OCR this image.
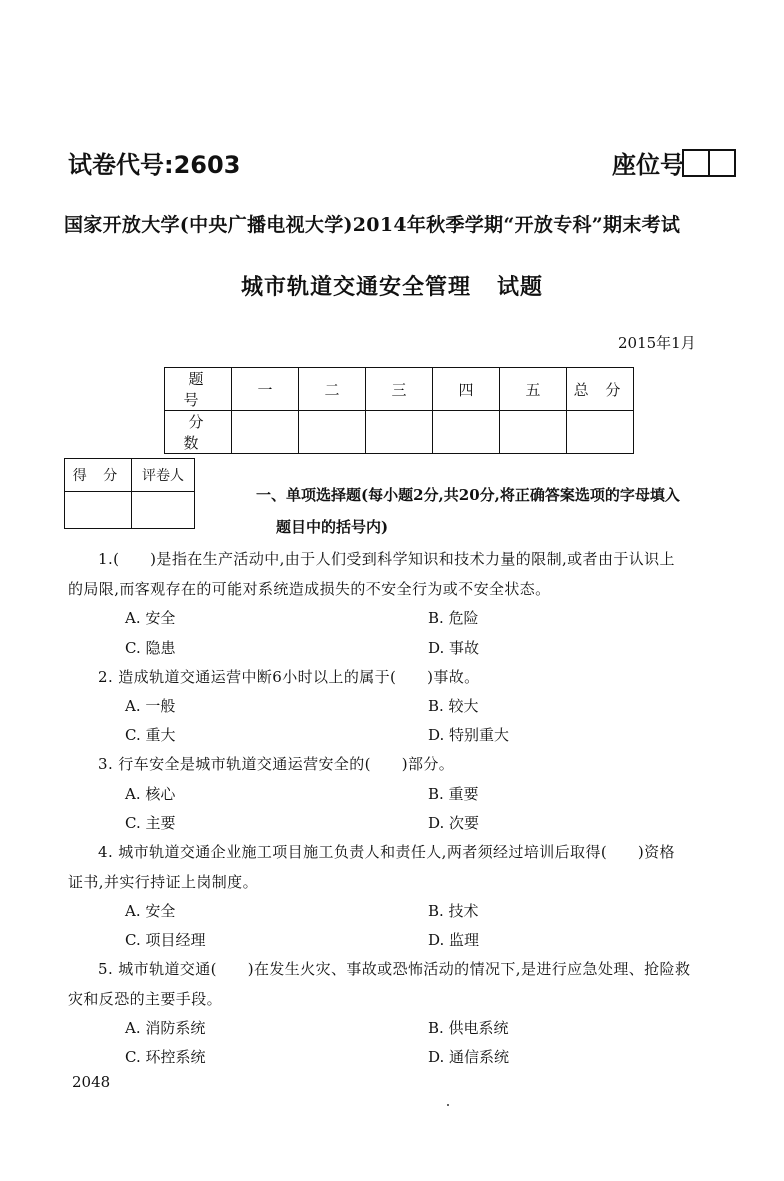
试卷代号:2603	座位号
国家开放大学(中央广播电视大学)2014年秋季学期“开放专科”期末考试
城市轨道交通安全管理 试题
2015年1月
题 号	一	二	三	四	五	总 分
分 数						
得 分	评卷人

一、单项选择题(每小题2分,共20分,将正确答案选项的字母填入
题目中的括号内)
1.(　　)是指在生产活动中,由于人们受到科学知识和技术力量的限制,或者由于认识上
的局限,而客观存在的可能对系统造成损失的不安全行为或不安全状态。
A. 安全	B. 危险
C. 隐患	D. 事故
2. 造成轨道交通运营中断6小时以上的属于(　　)事故。
A. 一般	B. 较大
C. 重大	D. 特别重大
3. 行车安全是城市轨道交通运营安全的(　　)部分。
A. 核心	B. 重要
C. 主要	D. 次要
4. 城市轨道交通企业施工项目施工负责人和责任人,两者须经过培训后取得(　　)资格
证书,并实行持证上岗制度。
A. 安全	B. 技术
C. 项目经理	D. 监理
5. 城市轨道交通(　　)在发生火灾、事故或恐怖活动的情况下,是进行应急处理、抢险救
灾和反恐的主要手段。
A. 消防系统	B. 供电系统
C. 环控系统	D. 通信系统
2048
